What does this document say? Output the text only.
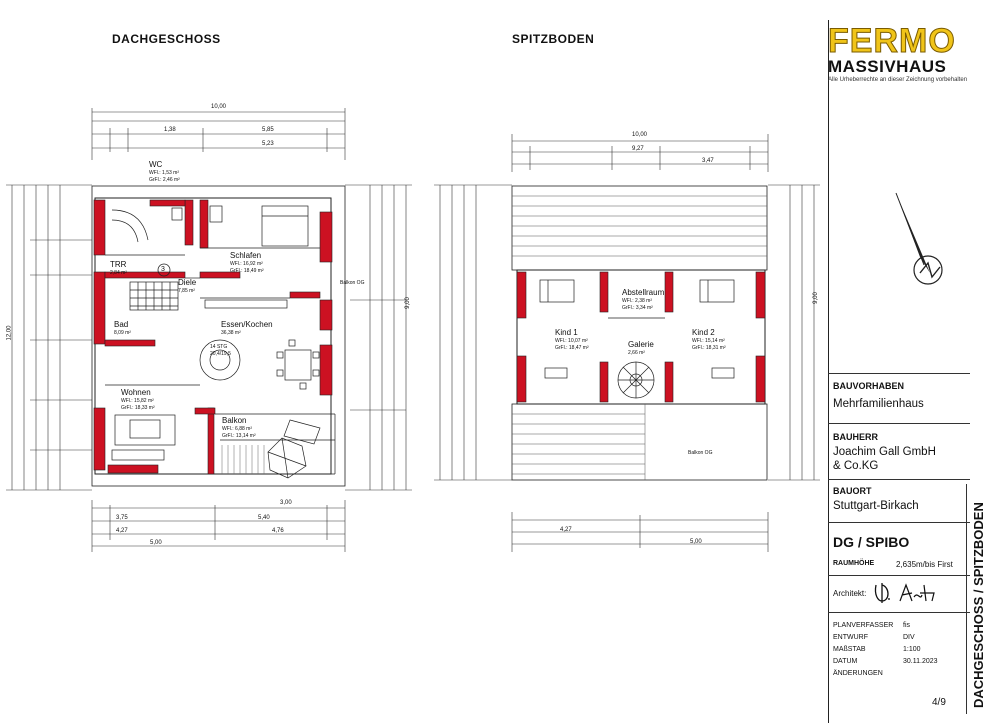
DACHGESCHOSS	SPITZBODEN
WC
WFl.: 1,53 m²
GrFl.: 2,46 m²
TRR
2,84 m²	3
Diele
7,85 m²
Schlafen
WFl.: 16,92 m²
GrFl.: 18,49 m²
Essen/Kochen
36,38 m²
Bad
8,09 m²
14 STG
20,4/19,5
Wohnen
WFl.: 15,82 m²
GrFl.: 18,33 m²
Balkon
WFl.: 6,88 m²
GrFl.: 13,14 m²
Balkon OG
10,00
5,85
5,23
1,38
5,40
4,76
5,00
3,75
4,27
3,00
12,00
9,00
Abstellraum
WFl.: 2,38 m²
GrFl.: 3,34 m²
Kind 1
WFl.: 10,07 m²
GrFl.: 18,47 m²
Kind 2
WFl.: 15,14 m²
GrFl.: 18,31 m²
Galerie
2,66 m²
Balkon OG
10,00
9,27
3,47
4,27
5,00
9,00
FERMO
MASSIVHAUS
Alle Urheberrechte an dieser Zeichnung vorbehalten
BAUVORHABEN
Mehrfamilienhaus
BAUHERR
Joachim Gall GmbH
& Co.KG
BAUORT
Stuttgart-Birkach
DG / SPIBO
RAUMHÖHE	2,635m/bis First
Architekt:
PLANVERFASSER fis
ENTWURF	DIV
MAßSTAB	1:100
DATUM	30.11.2023
ÄNDERUNGEN
4/9 DACHGESCHOSS / SPITZBODEN
